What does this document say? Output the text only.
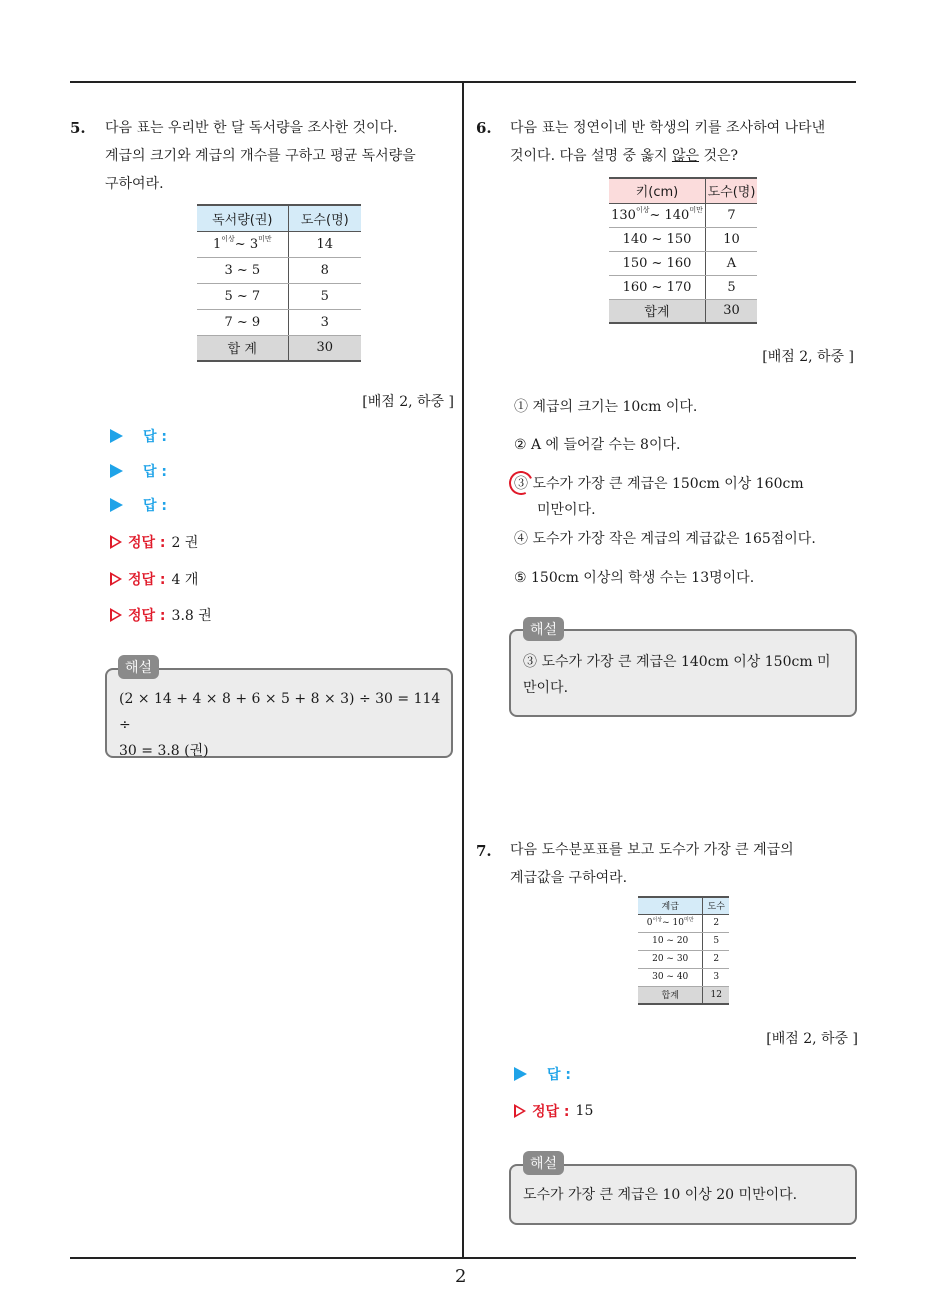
2
5. 다음 표는 우리반 한 달 독서량을 조사한 것이다.
계급의 크기와 계급의 개수를 구하고 평균 독서량을
구하여라.
독서량(권)	도수(명)
$1^{이상}\sim$ $3^{미만}$	14
3 ~ 5	8
5 ~ 7	5
7 ~ 9	3
합 계	30
[배점 2, 하중 ]
답 :
답 :
답 :
정답 : 2 권
정답 : 4 개
정답 : 3.8 권
(2 × 14 + 4 × 8 + 6 × 5 + 8 × 3) ÷ 30 = 114 ÷
30 = 3.8 (권)
해설
6. 다음 표는 정연이네 반 학생의 키를 조사하여 나타낸
것이다. 다음 설명 중 옳지 않은 것은?
키(cm)	도수(명)
$130^{이상}\sim$ $140^{미만}$	7
140 ~ 150	10
150 ~ 160	A
160 ~ 170	5
합계	30
[배점 2, 하중 ]
① 계급의 크기는 10cm 이다.
② A 에 들어갈 수는 8이다.
③ 도수가 가장 큰 계급은 150cm 이상 160cm
미만이다.
④ 도수가 가장 작은 계급의 계급값은 165점이다.
⑤ 150cm 이상의 학생 수는 13명이다.
③ 도수가 가장 큰 계급은 140cm 이상 150cm 미
만이다.
해설
7. 다음 도수분포표를 보고 도수가 가장 큰 계급의
계급값을 구하여라.
계급	도수
$0^{이상}\sim$ $10^{미만}$	2
10 ~ 20	5
20 ~ 30	2
30 ~ 40	3
합계	12
[배점 2, 하중 ]
답 :
정답 : 15
도수가 가장 큰 계급은 10 이상 20 미만이다.
해설
